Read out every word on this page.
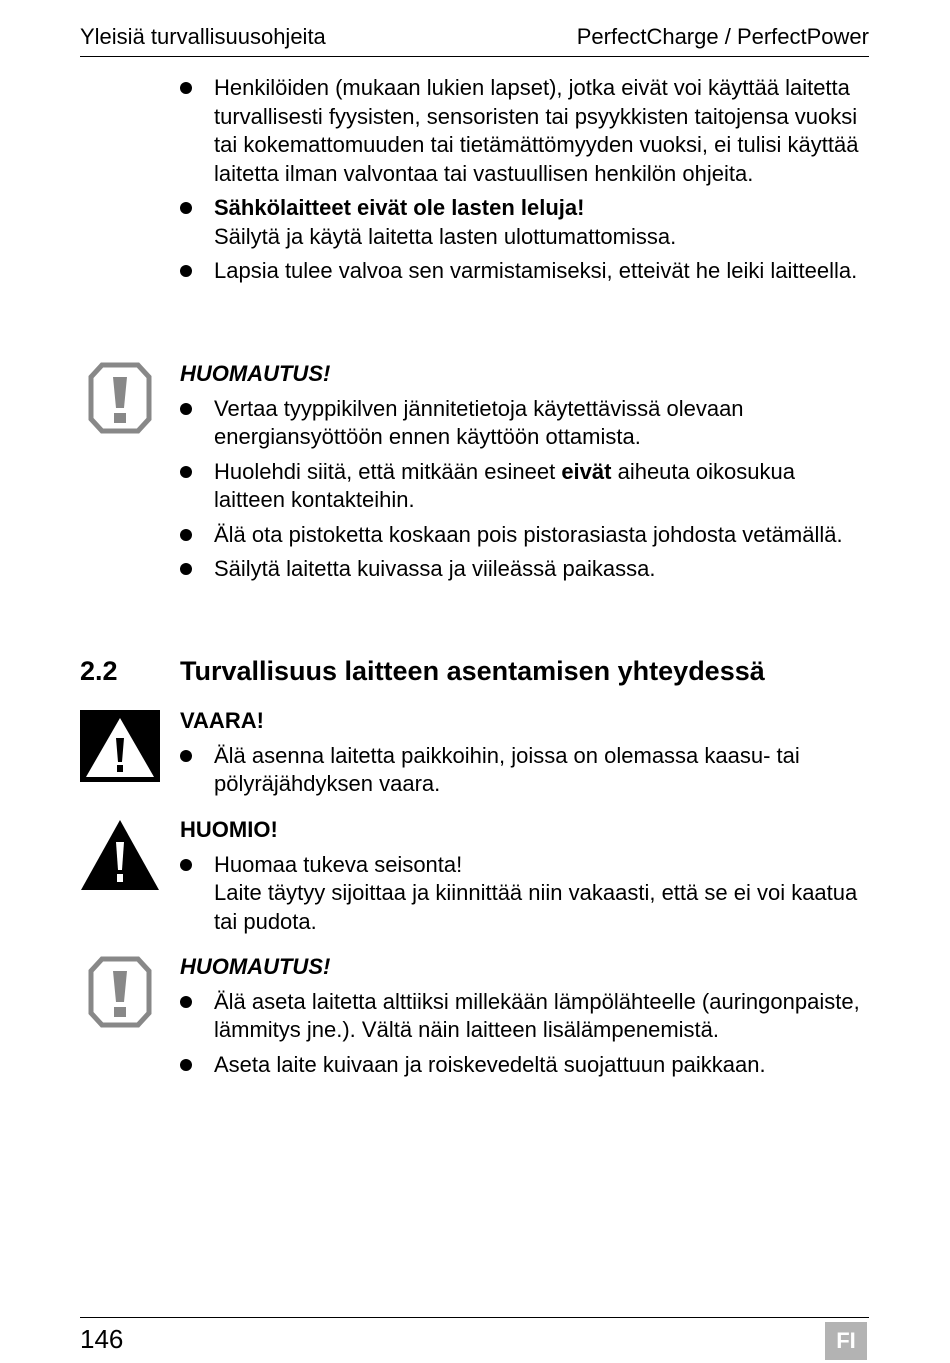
Yleisiä turvallisuusohjeita	PerfectCharge / PerfectPower
Henkilöiden (mukaan lukien lapset), jotka eivät voi käyttää laitetta turvallisesti fyysisten, sensoristen tai psyykkisten taitojensa vuoksi tai kokemattomuuden tai tietämättömyyden vuoksi, ei tulisi käyttää laitetta ilman valvontaa tai vastuullisen henkilön ohjeita.
Sähkölaitteet eivät ole lasten leluja!
Säilytä ja käytä laitetta lasten ulottumattomissa.
Lapsia tulee valvoa sen varmistamiseksi, etteivät he leiki laitteella.
HUOMAUTUS!
Vertaa tyyppikilven jännitetietoja käytettävissä olevaan energiansyöttöön ennen käyttöön ottamista.
Huolehdi siitä, että mitkään esineet eivät aiheuta oikosukua laitteen kontakteihin.
Älä ota pistoketta koskaan pois pistorasiasta johdosta vetämällä.
Säilytä laitetta kuivassa ja viileässä paikassa.
2.2 Turvallisuus laitteen asentamisen yhteydessä
VAARA!
Älä asenna laitetta paikkoihin, joissa on olemassa kaasu- tai pölyräjähdyksen vaara.
HUOMIO!
Huomaa tukeva seisonta!
Laite täytyy sijoittaa ja kiinnittää niin vakaasti, että se ei voi kaatua tai pudota.
HUOMAUTUS!
Älä aseta laitetta alttiiksi millekään lämpölähteelle (auringonpaiste, lämmitys jne.). Vältä näin laitteen lisälämpenemistä.
Aseta laite kuivaan ja roiskevedeltä suojattuun paikkaan.
146	FI
